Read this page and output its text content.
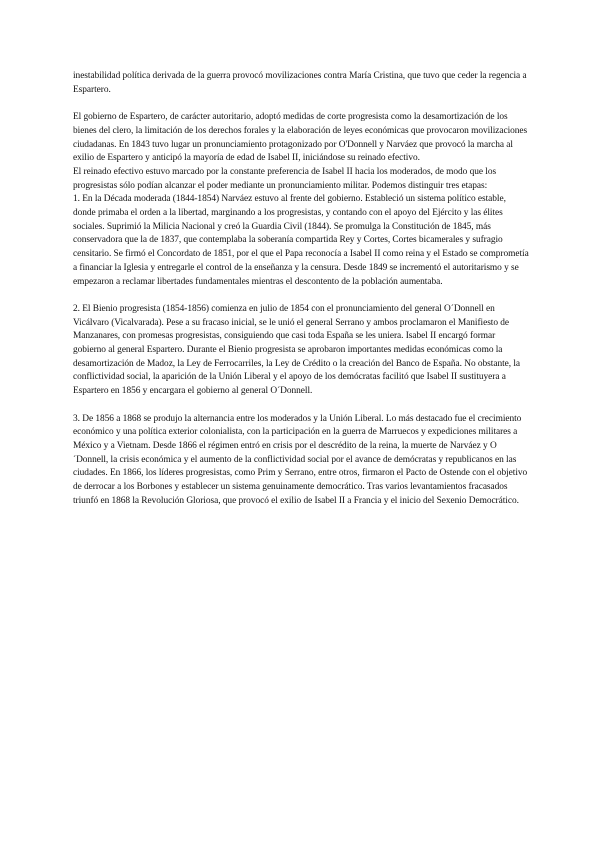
inestabilidad política derivada de la guerra provocó movilizaciones contra María Cristina, que tuvo que ceder la regencia a Espartero.

El gobierno de Espartero, de carácter autoritario, adoptó medidas de corte progresista como la desamortización de los bienes del clero, la limitación de los derechos forales y la elaboración de leyes económicas que provocaron movilizaciones ciudadanas. En 1843 tuvo lugar un pronunciamiento protagonizado por O'Donnell y Narváez que provocó la marcha al exilio de Espartero y anticipó la mayoría de edad de Isabel II, iniciándose su reinado efectivo.

El reinado efectivo estuvo marcado por la constante preferencia de Isabel II hacia los moderados, de modo que los progresistas sólo podían alcanzar el poder mediante un pronunciamiento militar. Podemos distinguir tres etapas:

1. En la Década moderada (1844-1854) Narváez estuvo al frente del gobierno. Estableció un sistema político estable, donde primaba el orden a la libertad, marginando a los progresistas, y contando con el apoyo del Ejército y las élites sociales. Suprimió la Milicia Nacional y creó la Guardia Civil (1844). Se promulga la Constitución de 1845, más conservadora que la de 1837, que contemplaba la soberanía compartida Rey y Cortes, Cortes bicamerales y sufragio censitario. Se firmó el Concordato de 1851, por el que el Papa reconocía a Isabel II como reina y el Estado se comprometía a financiar la Iglesia y entregarle el control de la enseñanza y la censura. Desde 1849 se incrementó el autoritarismo y se empezaron a reclamar libertades fundamentales mientras el descontento de la población aumentaba.

2. El Bienio progresista (1854-1856) comienza en julio de 1854 con el pronunciamiento del general O´Donnell en Vicálvaro (Vicalvarada). Pese a su fracaso inicial, se le unió el general Serrano y ambos proclamaron el Manifiesto de Manzanares, con promesas progresistas, consiguiendo que casi toda España se les uniera. Isabel II encargó formar gobierno al general Espartero. Durante el Bienio progresista se aprobaron importantes medidas económicas como la desamortización de Madoz, la Ley de Ferrocarriles, la Ley de Crédito o la creación del Banco de España. No obstante, la conflictividad social, la aparición de la Unión Liberal y el apoyo de los demócratas facilitó que Isabel II sustituyera a Espartero en 1856 y encargara el gobierno al general O´Donnell.

3. De 1856 a 1868 se produjo la alternancia entre los moderados y la Unión Liberal. Lo más destacado fue el crecimiento económico y una política exterior colonialista, con la participación en la guerra de Marruecos y expediciones militares a México y a Vietnam. Desde 1866 el régimen entró en crisis por el descrédito de la reina, la muerte de Narváez y O´Donnell, la crisis económica y el aumento de la conflictividad social por el avance de demócratas y republicanos en las ciudades. En 1866, los líderes progresistas, como Prim y Serrano, entre otros, firmaron el Pacto de Ostende con el objetivo de derrocar a los Borbones y establecer un sistema genuinamente democrático. Tras varios levantamientos fracasados triunfó en 1868 la Revolución Gloriosa, que provocó el exilio de Isabel II a Francia y el inicio del Sexenio Democrático.
